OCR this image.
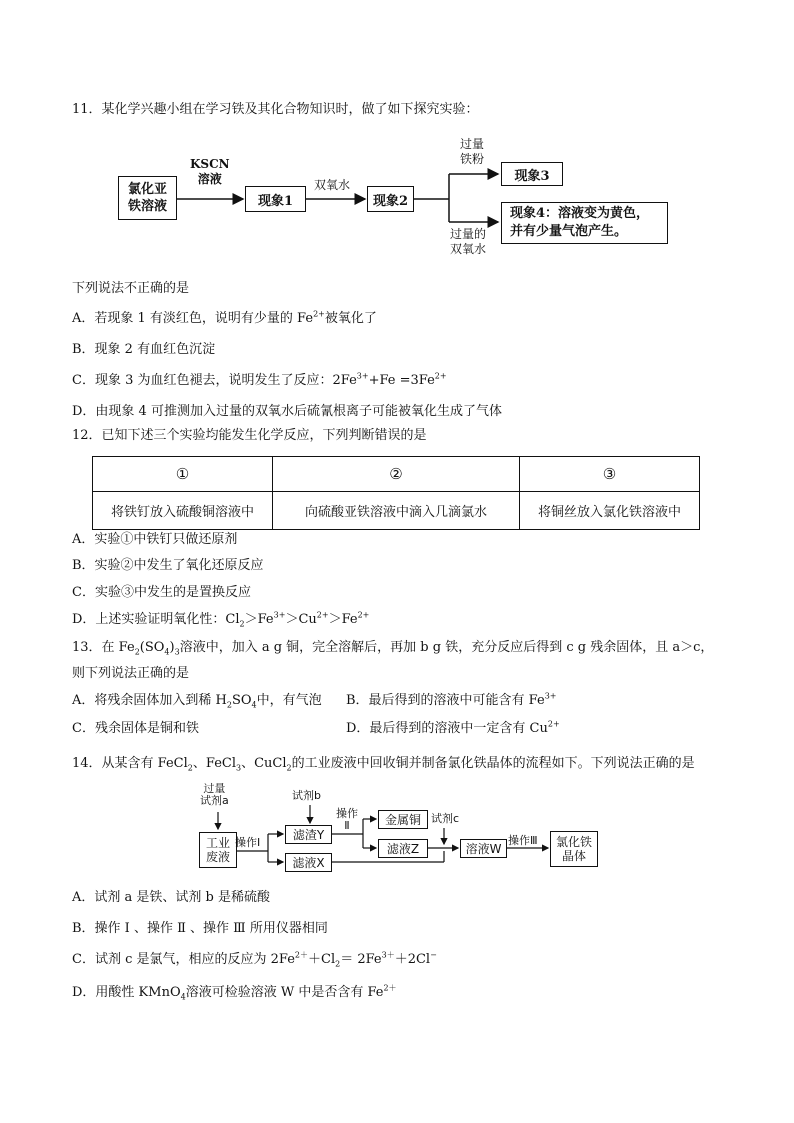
11．某化学兴趣小组在学习铁及其化合物知识时，做了如下探究实验：
氯化亚
铁溶液
KSCN
溶液
现象1
双氧水
现象2
过量
铁粉
现象3
现象4：溶液变为黄色，
并有少量气泡产生。
过量的
双氧水
下列说法不正确的是
A．若现象 1 有淡红色，说明有少量的 $Fe^{2+}$被氧化了
B．现象 2 有血红色沉淀
C．现象 3 为血红色褪去，说明发生了反应：$2Fe^{3+}+Fe =3Fe^{2+}$
D．由现象 4 可推测加入过量的双氧水后硫氰根离子可能被氧化生成了气体
12．已知下述三个实验均能发生化学反应，下列判断错误的是
①	②	③
将铁钉放入硫酸铜溶液中	向硫酸亚铁溶液中滴入几滴氯水	将铜丝放入氯化铁溶液中
A．实验①中铁钉只做还原剂
B．实验②中发生了氧化还原反应
C．实验③中发生的是置换反应
D．上述实验证明氧化性：$Cl_2>Fe^{3+}>Cu^{2+}>Fe^{2+}$
13．在 $Fe_2(SO_4)_3$溶液中，加入 a g 铜，完全溶解后，再加 b g 铁，充分反应后得到 c g 残余固体，且 a＞c，
则下列说法正确的是
A．将残余固体加入到稀 $H_2SO_4$中，有气泡 B．最后得到的溶液中可能含有 $Fe^{3+}$
C．残余固体是铜和铁	D．最后得到的溶液中一定含有 $Cu^{2+}$
14．从某含有 FeCl$_2$、FeCl$_3$、CuCl$_2$的工业废液中回收铜并制备氯化铁晶体的流程如下。下列说法正确的是
过量
试剂a
工业
废液
操作Ⅰ
试剂b
滤渣Y
滤液X
操作
Ⅱ	金属铜
滤液Z
试剂c
溶液W
操作Ⅲ 氯化铁
晶体
A．试剂 a 是铁、试剂 b 是稀硫酸
B．操作 Ⅰ 、操作 Ⅱ 、操作 Ⅲ 所用仪器相同
C．试剂 c 是氯气，相应的反应为 $2Fe^{2+}+Cl_2= 2Fe^{3+}+2Cl^-$
D．用酸性 KMnO$_4$溶液可检验溶液 W 中是否含有 $Fe^{2+}$
